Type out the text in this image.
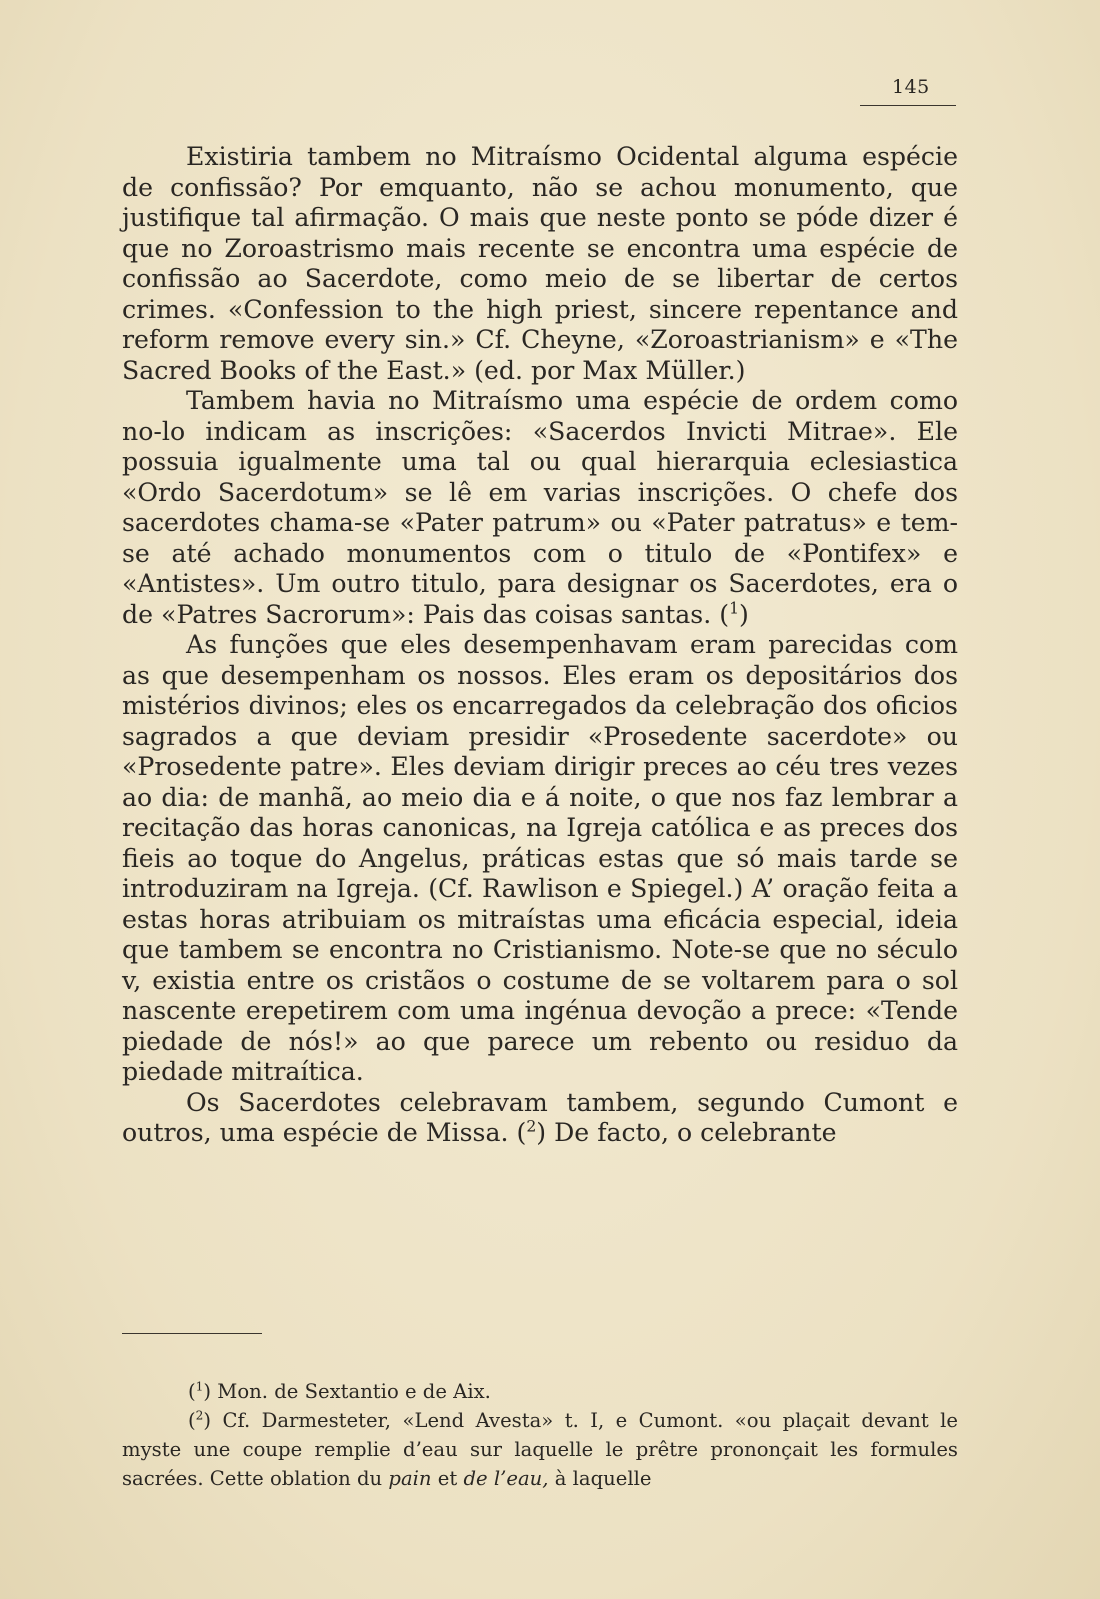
145

Existiria tambem no Mitraísmo Ocidental alguma espécie de confissão? Por emquanto, não se achou monumento, que justifique tal afirmação. O mais que neste ponto se póde dizer é que no Zoroastrismo mais recente se encontra uma espécie de confissão ao Sacerdote, como meio de se libertar de certos crimes. «Confession to the high priest, sincere repentance and reform remove every sin.» Cf. Cheyne, «Zoroastrianism» e «The Sacred Books of the East.» (ed. por Max Müller.)

Tambem havia no Mitraísmo uma espécie de ordem como no-lo indicam as inscrições: «Sacerdos Invicti Mitrae». Ele possuia igualmente uma tal ou qual hierarquia eclesiastica «Ordo Sacerdotum» se lê em varias inscrições. O chefe dos sacerdotes chama-se «Pater patrum» ou «Pater patratus» e tem-se até achado monumentos com o titulo de «Pontifex» e «Antistes». Um outro titulo, para designar os Sacerdotes, era o de «Patres Sacrorum»: Pais das coisas santas. ($^1$)

As funções que eles desempenhavam eram parecidas com as que desempenham os nossos. Eles eram os depositários dos mistérios divinos; eles os encarregados da celebração dos oficios sagrados a que deviam presidir «Prosedente sacerdote» ou «Prosedente patre». Eles deviam dirigir preces ao céu tres vezes ao dia: de manhã, ao meio dia e á noite, o que nos faz lembrar a recitação das horas canonicas, na Igreja católica e as preces dos fieis ao toque do Angelus, práticas estas que só mais tarde se introduziram na Igreja. (Cf. Rawlison e Spiegel.) A’ oração feita a estas horas atribuiam os mitraístas uma eficácia especial, ideia que tambem se encontra no Cristianismo. Note-se que no século v, existia entre os cristãos o costume de se voltarem para o sol nascente erepetirem com uma ingénua devoção a prece: «Tende piedade de nós!» ao que parece um rebento ou residuo da piedade mitraítica.

Os Sacerdotes celebravam tambem, segundo Cumont e outros, uma espécie de Missa. ($^2$) De facto, o celebrante

($^1$) Mon. de Sextantio e de Aix.

($^2$) Cf. Darmesteter, «Lend Avesta» t. I, e Cumont. «ou plaçait devant le myste une coupe remplie d’eau sur laquelle le prêtre prononçait les formules sacrées. Cette oblation du pain et de l’eau, à laquelle
